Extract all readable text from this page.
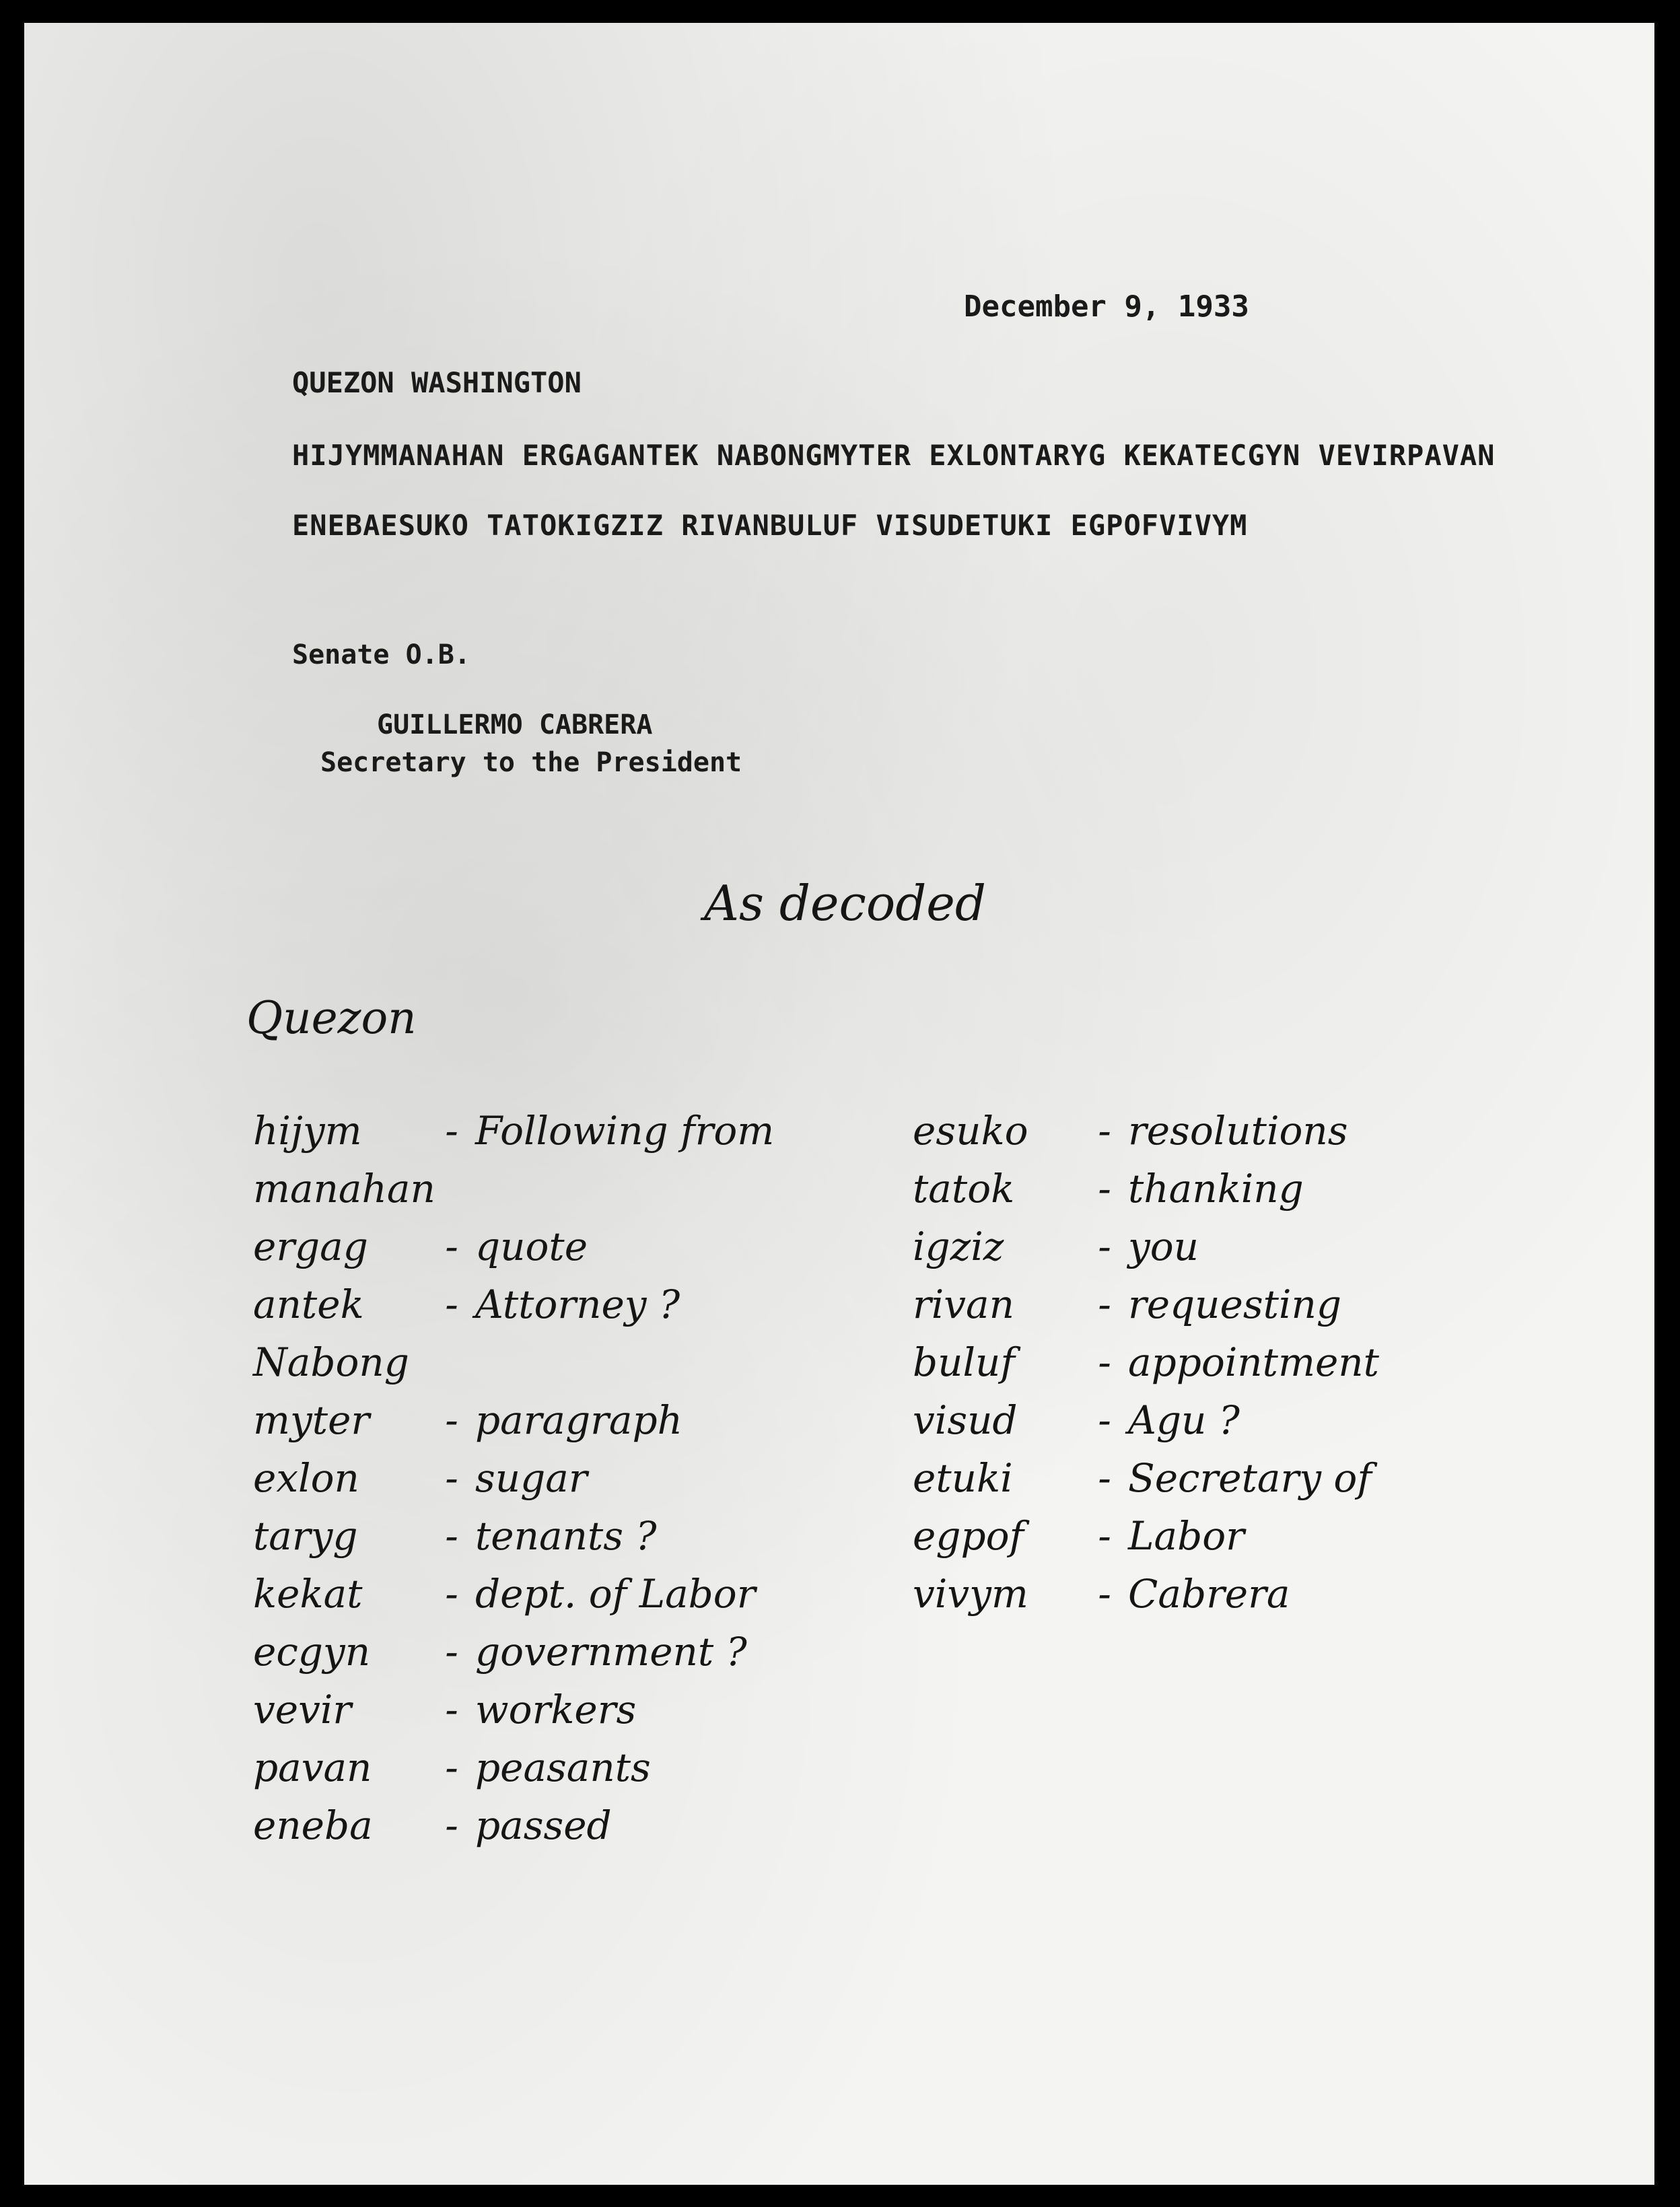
December 9, 1933

QUEZON WASHINGTON

HIJYMMANAHAN ERGAGANTEK NABONGMYTER EXLONTARYG KEKATECGYN VEVIRPAVAN

ENEBAESUKO TATOKIGZIZ RIVANBULUF VISUDETUKI EGPOFVIVYM

Senate O.B.

GUILLERMO CABRERA

Secretary to the President

As decoded

Quezon

hijym - Following from
manahan
ergag - quote
antek - Attorney ?
Nabong
myter - paragraph
exlon - sugar
taryg - tenants ?
kekat - dept. of Labor
ecgyn - government ?
vevir - workers
pavan - peasants
eneba - passed
esuko - resolutions
tatok - thanking
igziz - you
rivan - requesting
buluf - appointment
visud - Agu ?
etuki - Secretary of
egpof - Labor
vivym - Cabrera
